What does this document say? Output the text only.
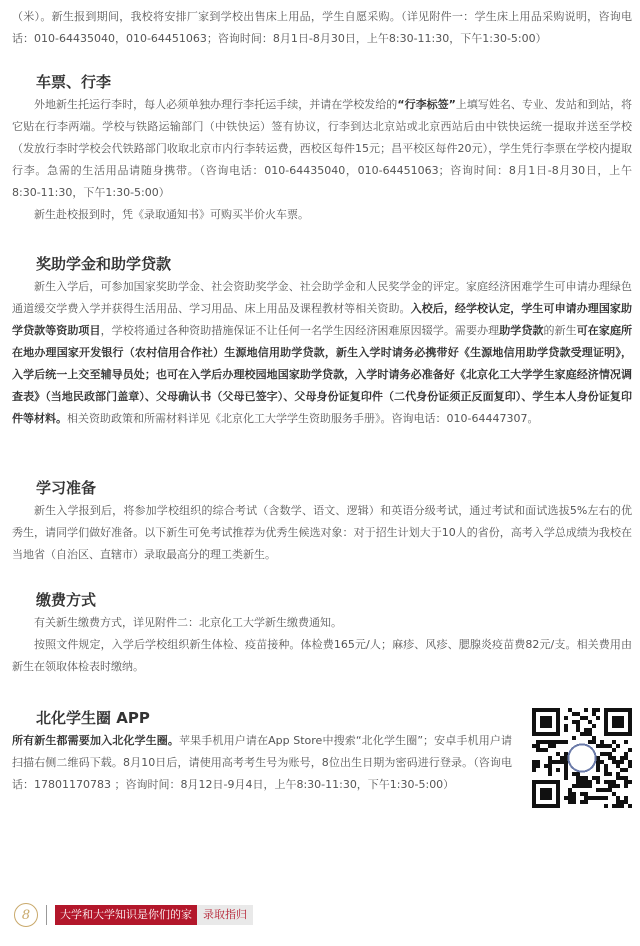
（米）。新生报到期间，我校将安排厂家到学校出售床上用品，学生自愿采购。（详见附件一：学生床上用品采购说明，咨询电话：010-64435040，010-64451063；咨询时间：8月1日-8月30日，上午8:30-11:30，下午1:30-5:00）

车票、行李

外地新生托运行李时，每人必须单独办理行李托运手续，并请在学校发给的“行李标签”上填写姓名、专业、发站和到站，将它贴在行李两端。学校与铁路运输部门（中铁快运）签有协议，行李到达北京站或北京西站后由中铁快运统一提取并送至学校（发放行李时学校会代铁路部门收取北京市内行李转运费，西校区每件15元；昌平校区每件20元），学生凭行李票在学校内提取行李。急需的生活用品请随身携带。（咨询电话：010-64435040，010-64451063；咨询时间：8月1日-8月30日，上午8:30-11:30，下午1:30-5:00）

新生赴校报到时，凭《录取通知书》可购买半价火车票。

奖助学金和助学贷款

新生入学后，可参加国家奖助学金、社会资助奖学金、社会助学金和人民奖学金的评定。家庭经济困难学生可申请办理绿色通道缓交学费入学并获得生活用品、学习用品、床上用品及课程教材等相关资助。入校后，经学校认定，学生可申请办理国家助学贷款等资助项目，学校将通过各种资助措施保证不让任何一名学生因经济困难原因辍学。需要办理助学贷款的新生可在家庭所在地办理国家开发银行（农村信用合作社）生源地信用助学贷款，新生入学时请务必携带好《生源地信用助学贷款受理证明》，入学后统一上交至辅导员处；也可在入学后办理校园地国家助学贷款，入学时请务必准备好《北京化工大学学生家庭经济情况调查表》（当地民政部门盖章）、父母确认书（父母已签字）、父母身份证复印件（二代身份证须正反面复印）、学生本人身份证复印件等材料。相关资助政策和所需材料详见《北京化工大学学生资助服务手册》。咨询电话：010-64447307。

学习准备

新生入学报到后，将参加学校组织的综合考试（含数学、语文、逻辑）和英语分级考试，通过考试和面试选拔5%左右的优秀生，请同学们做好准备。以下新生可免考试推荐为优秀生候选对象：对于招生计划大于10人的省份，高考入学总成绩为我校在当地省（自治区、直辖市）录取最高分的理工类新生。

缴费方式

有关新生缴费方式，详见附件二：北京化工大学新生缴费通知。

按照文件规定，入学后学校组织新生体检、疫苗接种。体检费165元/人；麻疹、风疹、腮腺炎疫苗费82元/支。相关费用由新生在领取体检表时缴纳。

北化学生圈 APP

所有新生都需要加入北化学生圈。苹果手机用户请在App Store中搜索“北化学生圈”；安卓手机用户请扫描右侧二维码下载。8月10日后，请使用高考考生号为账号，8位出生日期为密码进行登录。（咨询电话：17801170783 ；咨询时间：8月12日-9月4日，上午8:30-11:30，下午1:30-5:00）

8	大学和大学知识是你们的家	录取指归
